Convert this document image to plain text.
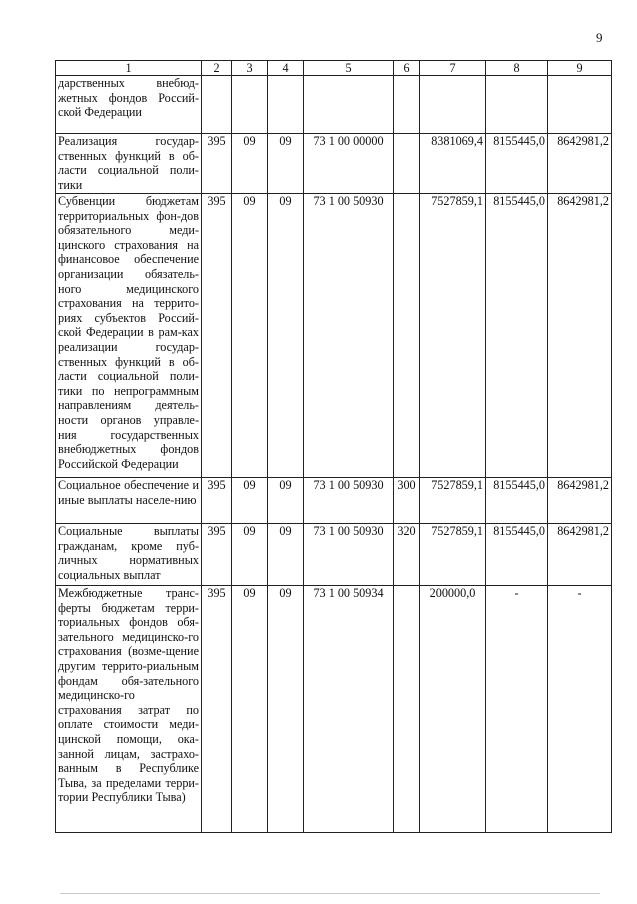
9
1	2	3	4	5	6	7	8	9
дарственных внебюд-жетных фондов Россий-ской Федерации								
Реализация государ-ственных функций в об-ласти социальной поли-тики	395	09	09	73 1 00 00000		8381069,4	8155445,0	8642981,2
Субвенции бюджетам территориальных фон-дов обязательного меди-цинского страхования на финансовое обеспечение организации обязатель-ного медицинского страхования на террито-риях субъектов Россий-ской Федерации в рам-ках реализации государ-ственных функций в об-ласти социальной поли-тики по непрограммным направлениям деятель-ности органов управле-ния государственных внебюджетных фондов Российской Федерации	395	09	09	73 1 00 50930		7527859,1	8155445,0	8642981,2
Социальное обеспечение и иные выплаты населе-нию	395	09	09	73 1 00 50930	300	7527859,1	8155445,0	8642981,2
Социальные выплаты гражданам, кроме пуб-личных нормативных социальных выплат	395	09	09	73 1 00 50930	320	7527859,1	8155445,0	8642981,2
Межбюджетные транс-ферты бюджетам терри-ториальных фондов обя-зательного медицинско-го страхования (возме-щение другим террито-риальным фондам обя-зательного медицинско-го страхования затрат по оплате стоимости меди-цинской помощи, ока-занной лицам, застрахо-ванным в Республике Тыва, за пределами терри-тории Республики Тыва)	395	09	09	73 1 00 50934		200000,0	-	-
